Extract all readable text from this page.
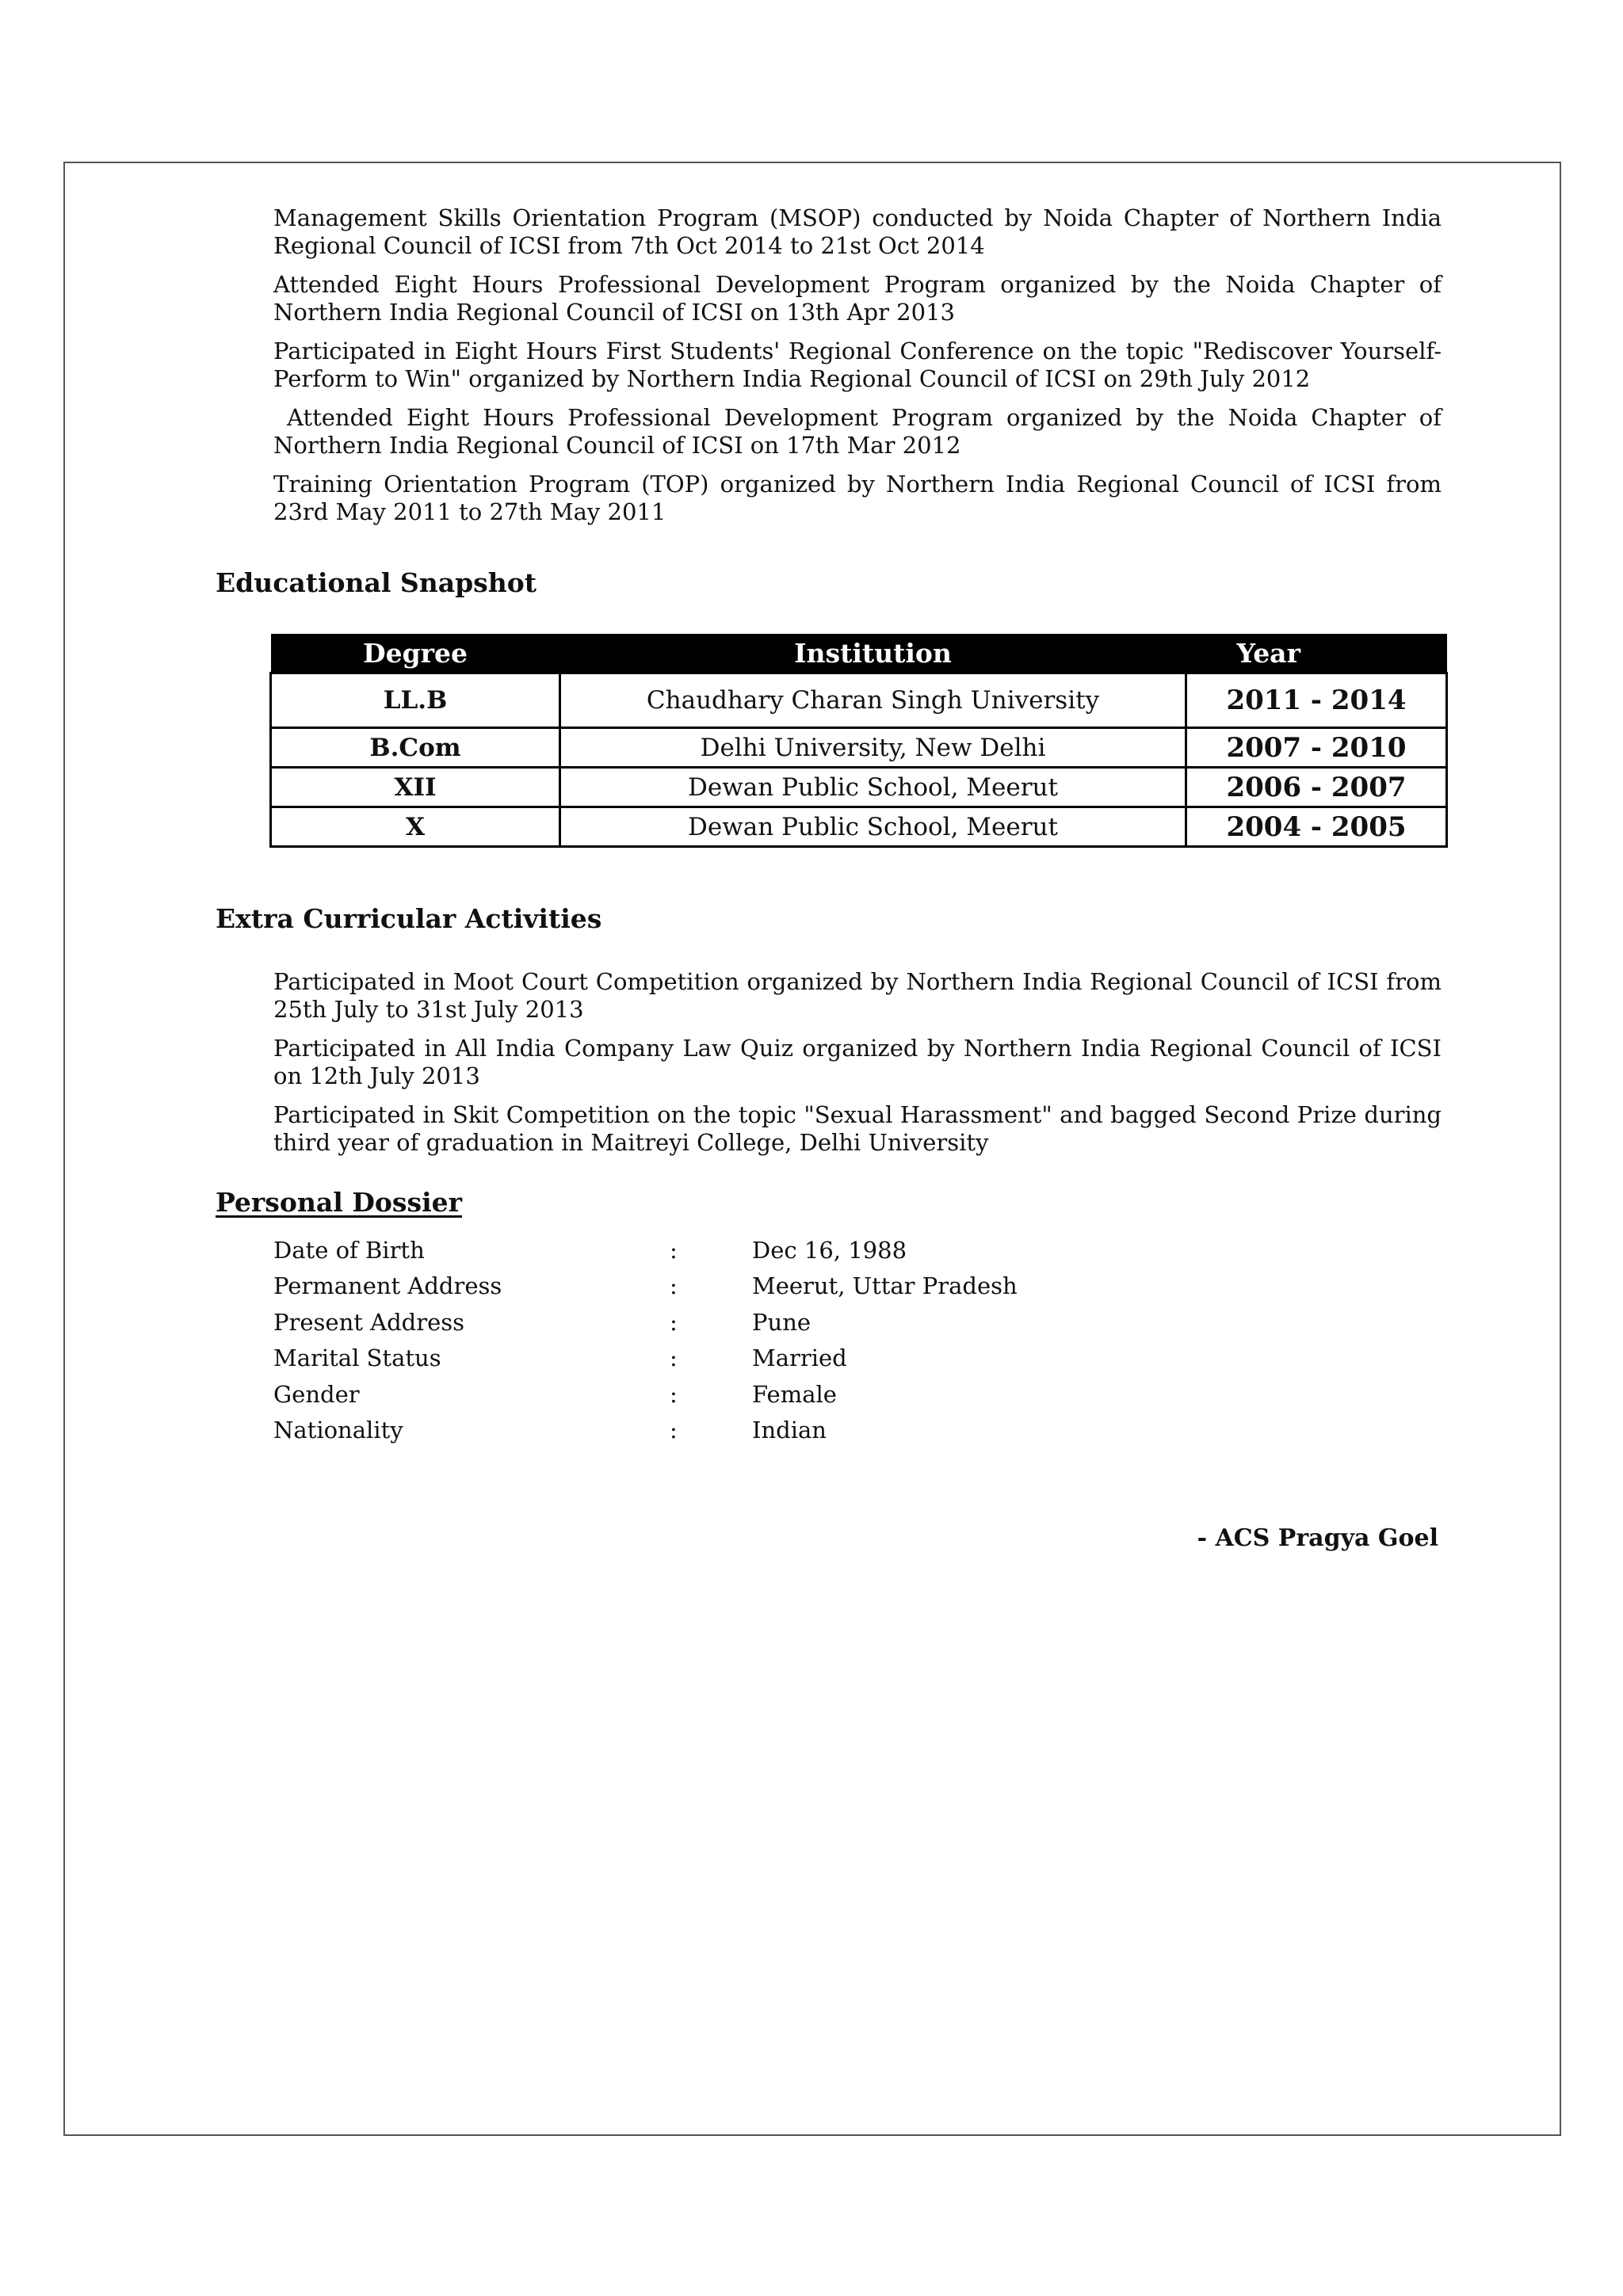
Management Skills Orientation Program (MSOP) conducted by Noida Chapter of Northern India Regional Council of ICSI from 7th Oct 2014 to 21st Oct 2014

Attended Eight Hours Professional Development Program organized by the Noida Chapter of Northern India Regional Council of ICSI on 13th Apr 2013

Participated in Eight Hours First Students' Regional Conference on the topic "Rediscover Yourself-Perform to Win" organized by Northern India Regional Council of ICSI on 29th July 2012

Attended Eight Hours Professional Development Program organized by the Noida Chapter of Northern India Regional Council of ICSI on 17th Mar 2012

Training Orientation Program (TOP) organized by Northern India Regional Council of ICSI from 23rd May 2011 to 27th May 2011

Educational Snapshot
Degree	Institution	Year
LL.B	Chaudhary Charan Singh University	2011 - 2014
B.Com	Delhi University, New Delhi	2007 - 2010
XII	Dewan Public School, Meerut	2006 - 2007
X	Dewan Public School, Meerut	2004 - 2005
Extra Curricular Activities

Participated in Moot Court Competition organized by Northern India Regional Council of ICSI from 25th July to 31st July 2013

Participated in All India Company Law Quiz organized by Northern India Regional Council of ICSI on 12th July 2013

Participated in Skit Competition on the topic "Sexual Harassment" and bagged Second Prize during third year of graduation in Maitreyi College, Delhi University

Personal Dossier
Date of Birth	:	Dec 16, 1988
Permanent Address	:	Meerut, Uttar Pradesh
Present Address	:	Pune
Marital Status	:	Married
Gender	:	Female
Nationality	:	Indian

- ACS Pragya Goel
